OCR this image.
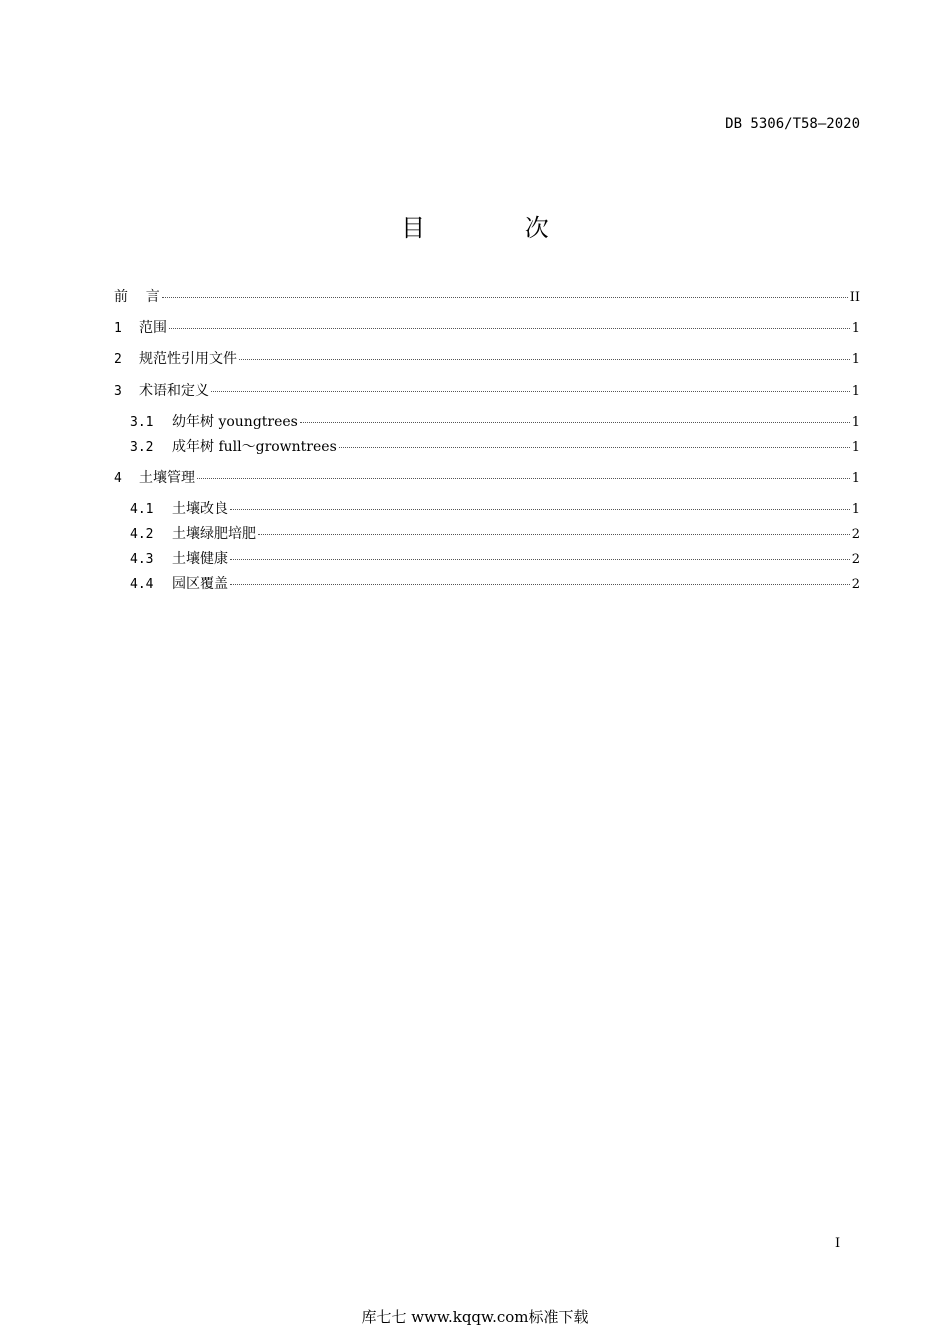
DB 5306/T58—2020
目 次
前    言	II
1	范围	1
2	规范性引用文件	1
3	术语和定义	1
3.1	幼年树 youngtrees	1
3.2	成年树 full～growntrees	1
4	土壤管理	1
4.1	土壤改良	1
4.2	土壤绿肥培肥	2
4.3	土壤健康	2
4.4	园区覆盖	2
I
库七七 www.kqqw.com标准下载
